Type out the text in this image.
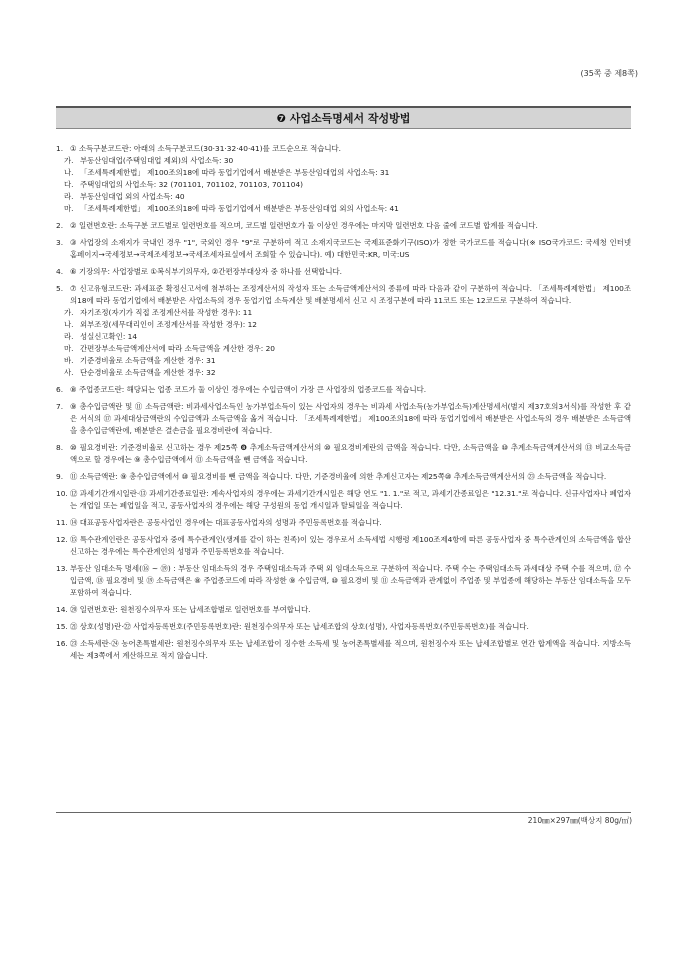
(35쪽 중 제8쪽)
❼ 사업소득명세서 작성방법
1. ① 소득구분코드란: 아래의 소득구분코드(30·31·32·40·41)를 코드순으로 적습니다.
가. 부동산임대업(주택임대업 제외)의 사업소득: 30
나. 「조세특례제한법」 제100조의18에 따라 동업기업에서 배분받은 부동산임대업의 사업소득: 31
다. 주택임대업의 사업소득: 32 (701101, 701102, 701103, 701104)
라. 부동산임대업 외의 사업소득: 40
마. 「조세특례제한법」 제100조의18에 따라 동업기업에서 배분받은 부동산임대업 외의 사업소득: 41
2. ② 일련번호란: 소득구분 코드별로 일련번호를 적으며, 코드별 일련번호가 둘 이상인 경우에는 마지막 일련번호 다음 줄에 코드별 합계를 적습니다.
3. ③ 사업장의 소재지가 국내인 경우 "1", 국외인 경우 "9"로 구분하여 적고 소재지국코드는 국제표준화기구(ISO)가 정한 국가코드를 적습니다(※ ISO국가코드: 국세청 인터넷 홈페이지→국세정보→국제조세정보→국세조세자료실에서 조회할 수 있습니다). 예) 대한민국:KR, 미국:US
4. ⑥ 기장의무: 사업장별로 ①복식부기의무자, ②간편장부대상자 중 하나를 선택합니다.
5. ⑦ 신고유형코드란: 과세표준 확정신고서에 첨부하는 조정계산서의 작성자 또는 소득금액계산서의 종류에 따라 다음과 같이 구분하여 적습니다. 「조세특례제한법」 제100조의18에 따라 동업기업에서 배분받은 사업소득의 경우 동업기업 소득계산 및 배분명세서 신고 시 조정구분에 따라 11코드 또는 12코드로 구분하여 적습니다.
가. 자기조정(자기가 직접 조정계산서를 작성한 경우): 11
나. 외부조정(세무대리인이 조정계산서를 작성한 경우): 12
라. 성실신고확인: 14
마. 간편장부소득금액계산서에 따라 소득금액을 계산한 경우: 20
바. 기준경비율로 소득금액을 계산한 경우: 31
사. 단순경비율로 소득금액을 계산한 경우: 32
6. ⑧ 주업종코드란: 해당되는 업종 코드가 둘 이상인 경우에는 수입금액이 가장 큰 사업장의 업종코드를 적습니다.
7. ⑨ 총수입금액란 및 ⑪ 소득금액란: 비과세사업소득인 농가부업소득이 있는 사업자의 경우는 비과세 사업소득(농가부업소득)계산명세서(별지 제37호의3서식)를 작성한 후 같은 서식의 ⑰ 과세대상금액란의 수입금액과 소득금액을 옮겨 적습니다. 「조세특례제한법」 제100조의18에 따라 동업기업에서 배분받은 사업소득의 경우 배분받은 소득금액을 총수입금액란에, 배분받은 결손금을 필요경비란에 적습니다.
8. ⑩ 필요경비란: 기준경비율로 신고하는 경우 제25쪽 ❽ 추계소득금액계산서의 ⑩ 필요경비계란의 금액을 적습니다. 다만, 소득금액을 ⑩ 추계소득금액계산서의 ⑬ 비교소득금액으로 할 경우에는 ⑨ 총수입금액에서 ⑪ 소득금액을 뺀 금액을 적습니다.
9. ⑪ 소득금액란: ⑨ 총수입금액에서 ⑩ 필요경비를 뺀 금액을 적습니다. 다만, 기준경비율에 의한 추계신고자는 제25쪽⑩ 추계소득금액계산서의 ㉓ 소득금액을 적습니다.
10. ⑫ 과세기간개시일란·⑬ 과세기간종료일란: 계속사업자의 경우에는 과세기간개시일은 해당 연도 "1. 1."로 적고, 과세기간종료일은 "12.31."로 적습니다. 신규사업자나 폐업자는 개업일 또는 폐업일을 적고, 공동사업자의 경우에는 해당 구성원의 동업 개시일과 탈퇴일을 적습니다.
11. ⑭ 대표공동사업자란은 공동사업인 경우에는 대표공동사업자의 성명과 주민등록번호를 적습니다.
12. ⑮ 특수관계인란은 공동사업자 중에 특수관계인(생계를 같이 하는 친족)이 있는 경우로서 소득세법 시행령 제100조제4항에 따른 공동사업자 중 특수관계인의 소득금액을 합산신고하는 경우에는 특수관계인의 성명과 주민등록번호를 적습니다.
13. 부동산 임대소득 명세(⑯ ~ ⑲) : 부동산 임대소득의 경우 주택임대소득과 주택 외 임대소득으로 구분하여 적습니다. 주택 수는 주택임대소득 과세대상 주택 수를 적으며, ⑰ 수입금액, ⑱ 필요경비 및 ⑲ 소득금액은 ⑧ 주업종코드에 따라 작성한 ⑨ 수입금액, ⑩ 필요경비 및 ⑪ 소득금액과 관계없이 주업종 및 부업종에 해당하는 부동산 임대소득을 모두 포함하여 적습니다.
14. ⑳ 일련번호란: 원천징수의무자 또는 납세조합별로 일련번호를 부여합니다.
15. ㉑ 상호(성명)란·㉒ 사업자등록번호(주민등록번호)란: 원천징수의무자 또는 납세조합의 상호(성명), 사업자등록번호(주민등록번호)를 적습니다.
16. ㉓ 소득세란·㉔ 농어촌특별세란: 원천징수의무자 또는 납세조합이 징수한 소득세 및 농어촌특별세를 적으며, 원천징수자 또는 납세조합별로 연간 합계액을 적습니다. 지방소득세는 제3쪽에서 계산하므로 적지 않습니다.
210㎜×297㎜(백상지 80g/㎡)
